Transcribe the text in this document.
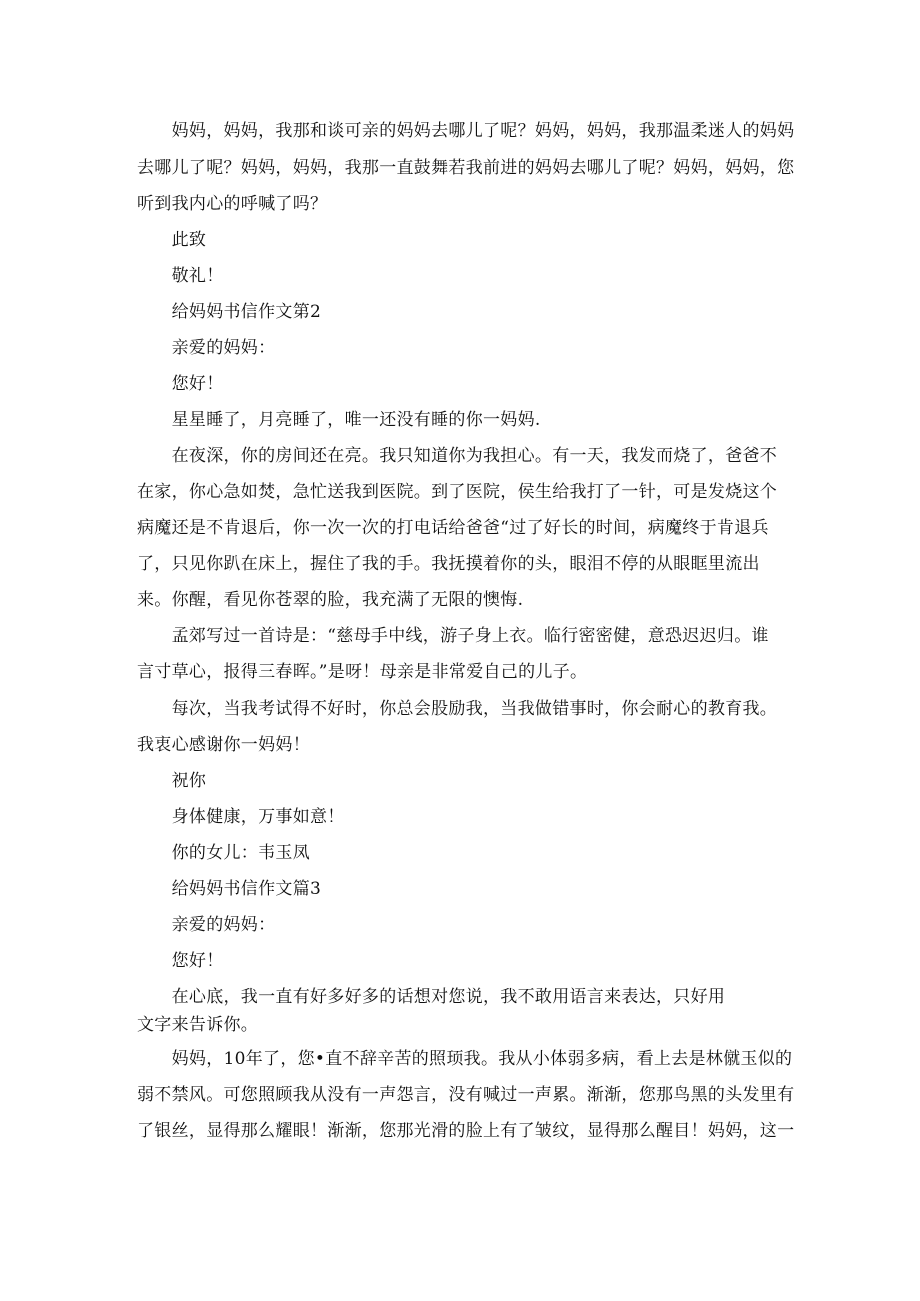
　　妈妈，妈妈，我那和谈可亲的妈妈去哪儿了呢？妈妈，妈妈，我那温柔迷人的妈妈
去哪儿了呢？妈妈，妈妈，我那一直鼓舞若我前进的妈妈去哪儿了呢？妈妈，妈妈，您
听到我内心的呼喊了吗？
　　此致
　　敬礼！
　　给妈妈书信作文第2
　　亲爱的妈妈：
　　您好！
　　星星睡了，月亮睡了，唯一还没有睡的你一妈妈.
　　在夜深，你的房间还在亮。我只知道你为我担心。有一天，我发而烧了，爸爸不
在家，你心急如焚，急忙送我到医院。到了医院，侯生给我打了一针，可是发烧这个
病魔还是不肯退后，你一次一次的打电话给爸爸“过了好长的时间，病魔终于肯退兵
了，只见你趴在床上，握住了我的手。我抚摸着你的头，眼泪不停的从眼眶里流出
来。你醒，看见你苍翠的脸，我充满了无限的懊悔.
　　孟郊写过一首诗是：“慈母手中线，游子身上衣。临行密密健，意恐迟迟归。谁
言寸草心，报得三春晖。”是呀！母亲是非常爱自己的儿子。
　　每次，当我考试得不好时，你总会股励我，当我做错事时，你会耐心的教育我。
我衷心感谢你一妈妈！
　　祝你
　　身体健康，万事如意！
　　你的女儿：韦玉凤
　　给妈妈书信作文篇3
　　亲爱的妈妈：
　　您好！
　　在心底，我一直有好多好多的话想对您说，我不敢用语言来表达，只好用
文字来告诉你。
　　妈妈，10年了，您•直不辞辛苦的照顼我。我从小体弱多病，看上去是林僦玉似的
弱不禁风。可您照顾我从没有一声怨言，没有喊过一声累。渐渐，您那鸟黑的头发里有
了银丝，显得那么耀眼！渐渐，您那光滑的脸上有了皱纹，显得那么醒目！妈妈，这一
